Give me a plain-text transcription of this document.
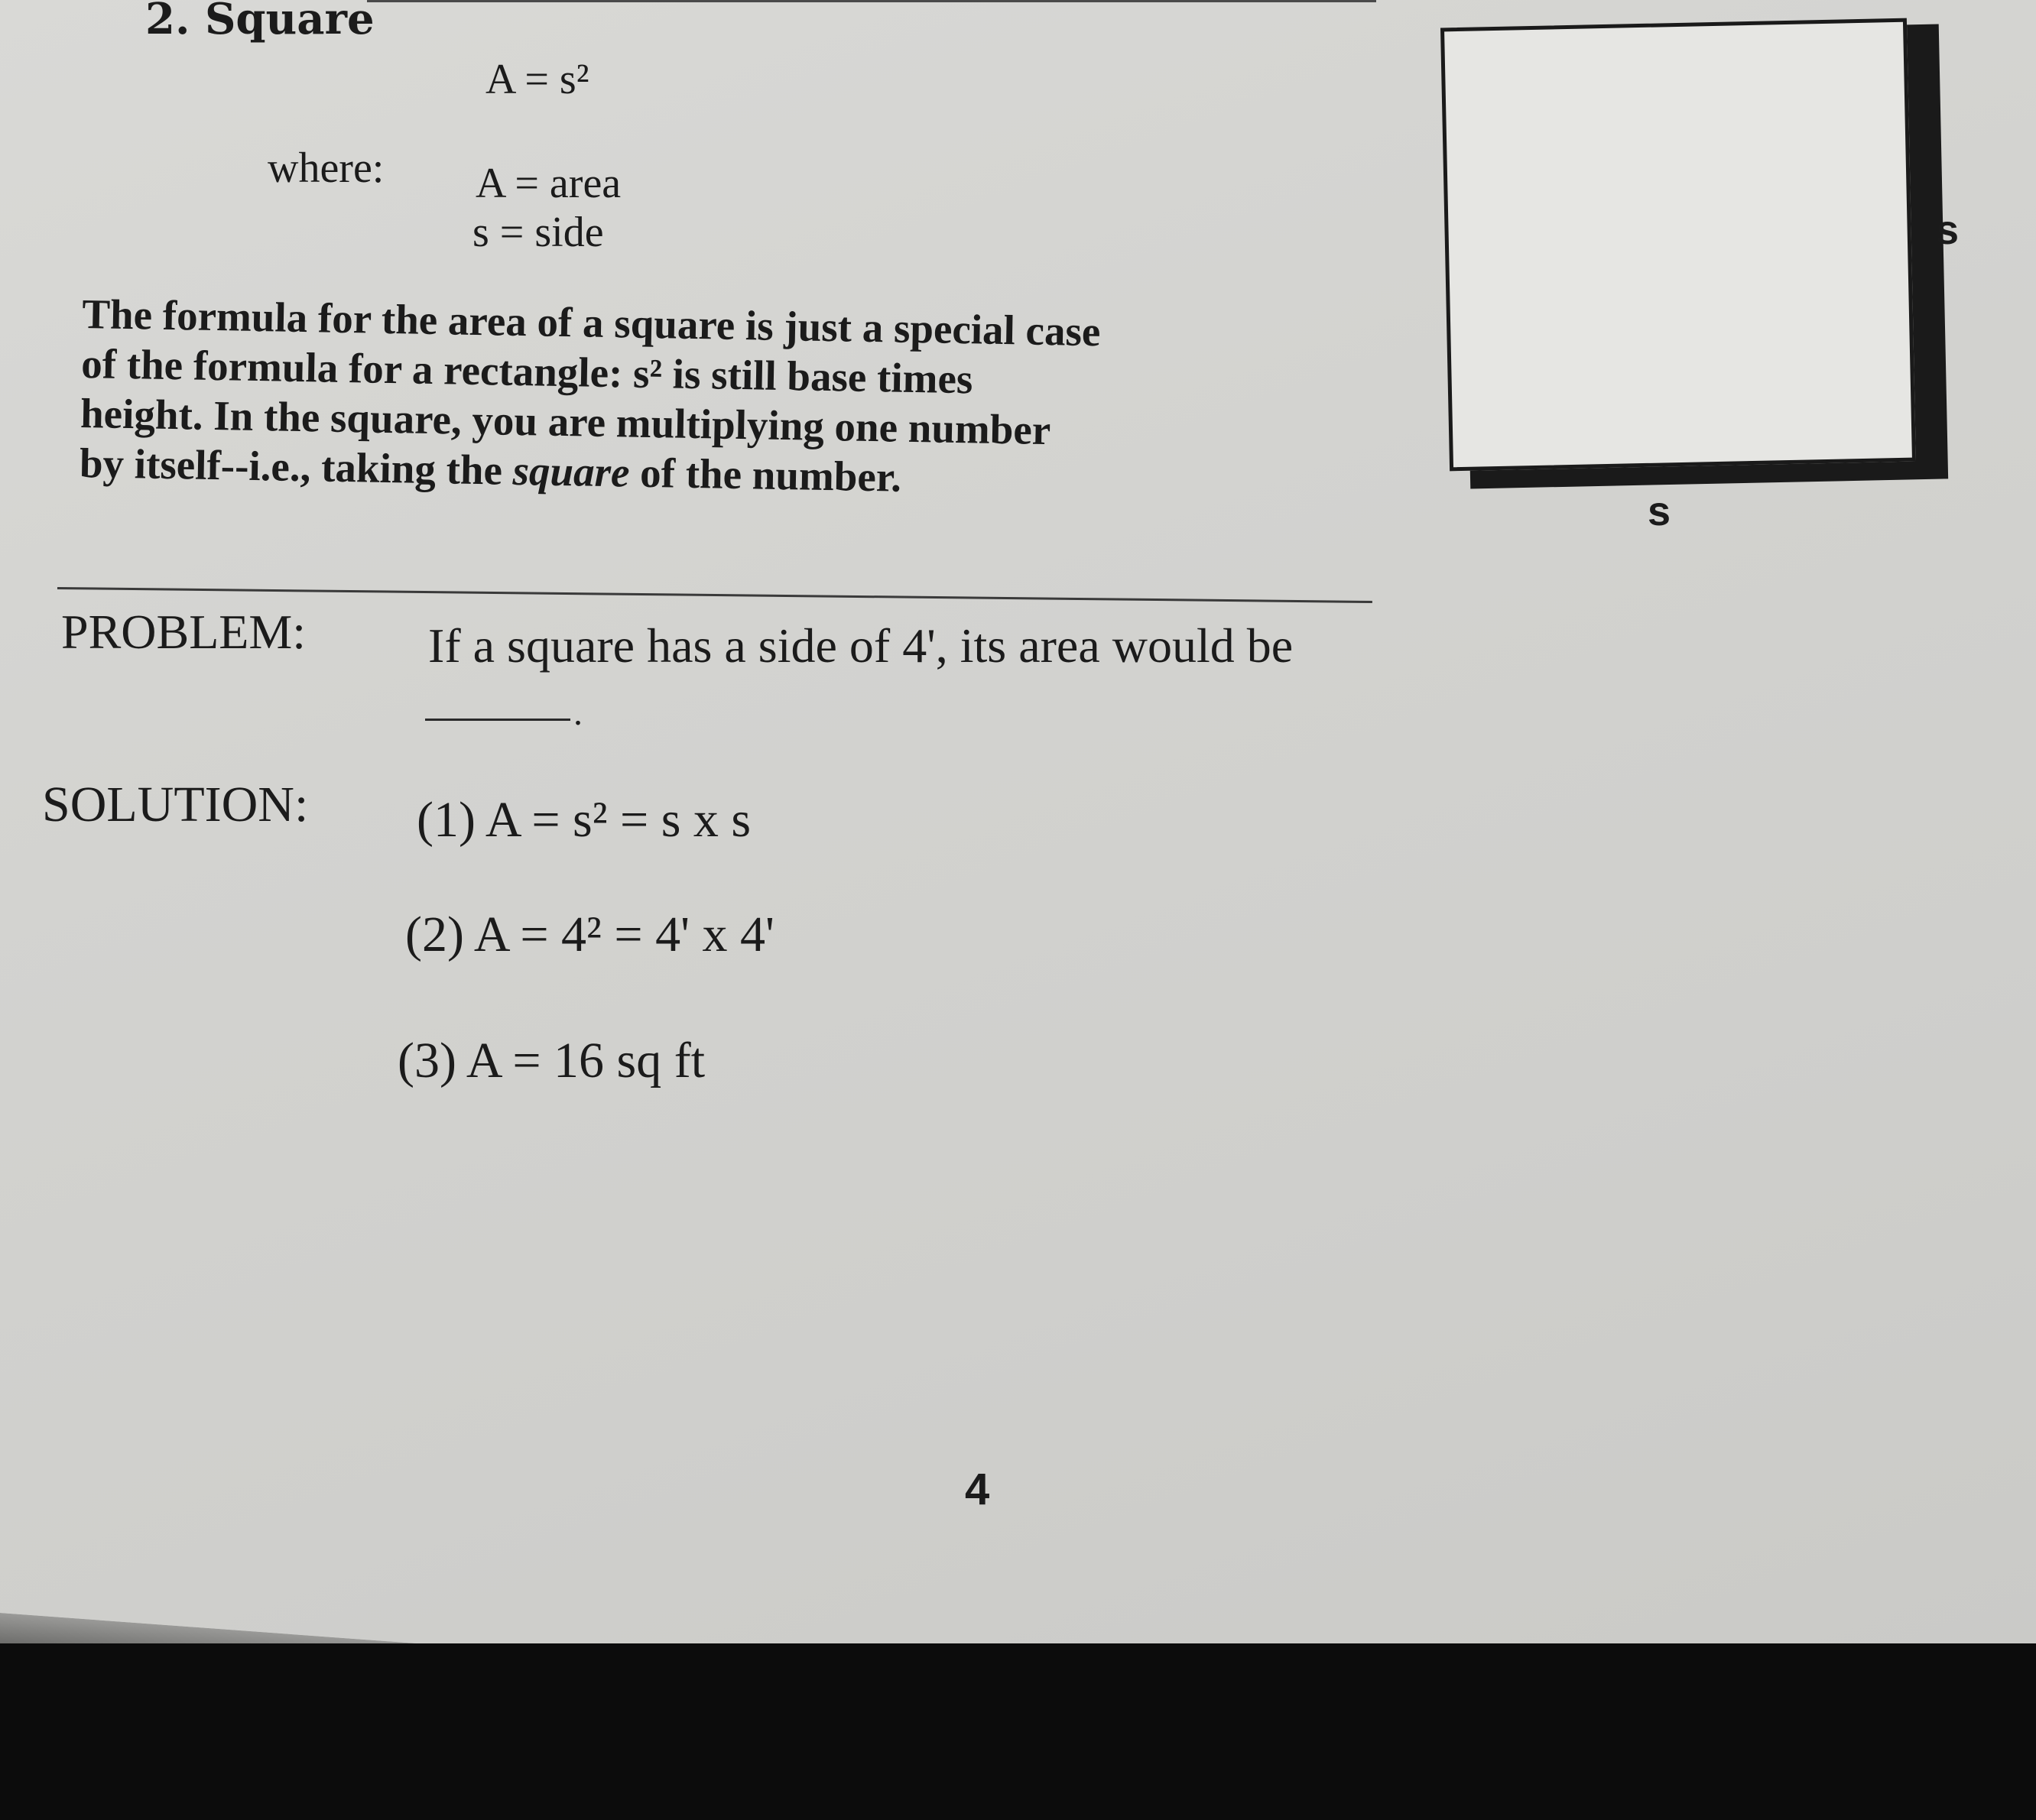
2. Square
A = s²
where: A = area
s = side
The formula for the area of a square is just a special case
of the formula for a rectangle: s² is still base times
height. In the square, you are multiplying one number
by itself--i.e., taking the square of the number.
PROBLEM: If a square has a side of 4', its area would be
.
SOLUTION: (1) A = s² = s x s
(2) A = 4² = 4' x 4'
(3) A = 16 sq ft
s
s
4
